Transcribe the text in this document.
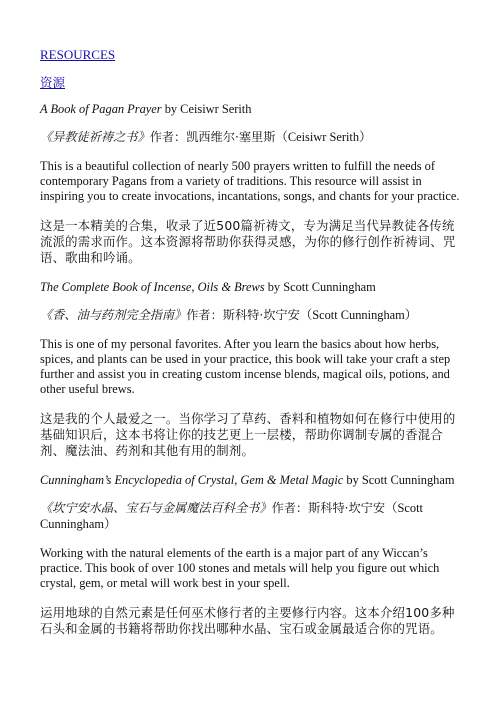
RESOURCES
资源
A Book of Pagan Prayer by Ceisiwr Serith
《异教徒祈祷之书》作者：凯西维尔·塞里斯（Ceisiwr Serith）

This is a beautiful collection of nearly 500 prayers written to fulfill the needs of contemporary Pagans from a variety of traditions. This resource will assist in inspiring you to create invocations, incantations, songs, and chants for your practice.

这是一本精美的合集，收录了近500篇祈祷文，专为满足当代异教徒各传统流派的需求而作。这本资源将帮助你获得灵感，为你的修行创作祈祷词、咒语、歌曲和吟诵。

The Complete Book of Incense, Oils & Brews by Scott Cunningham
《香、油与药剂完全指南》作者：斯科特·坎宁安（Scott Cunningham）

This is one of my personal favorites. After you learn the basics about how herbs, spices, and plants can be used in your practice, this book will take your craft a step further and assist you in creating custom incense blends, magical oils, potions, and other useful brews.

这是我的个人最爱之一。当你学习了草药、香料和植物如何在修行中使用的基础知识后，这本书将让你的技艺更上一层楼，帮助你调制专属的香混合剂、魔法油、药剂和其他有用的制剂。

Cunningham’s Encyclopedia of Crystal, Gem & Metal Magic by Scott Cunningham
《坎宁安水晶、宝石与金属魔法百科全书》作者：斯科特·坎宁安（Scott Cunningham）

Working with the natural elements of the earth is a major part of any Wiccan’s practice. This book of over 100 stones and metals will help you figure out which crystal, gem, or metal will work best in your spell.

运用地球的自然元素是任何巫术修行者的主要修行内容。这本介绍100多种石头和金属的书籍将帮助你找出哪种水晶、宝石或金属最适合你的咒语。
